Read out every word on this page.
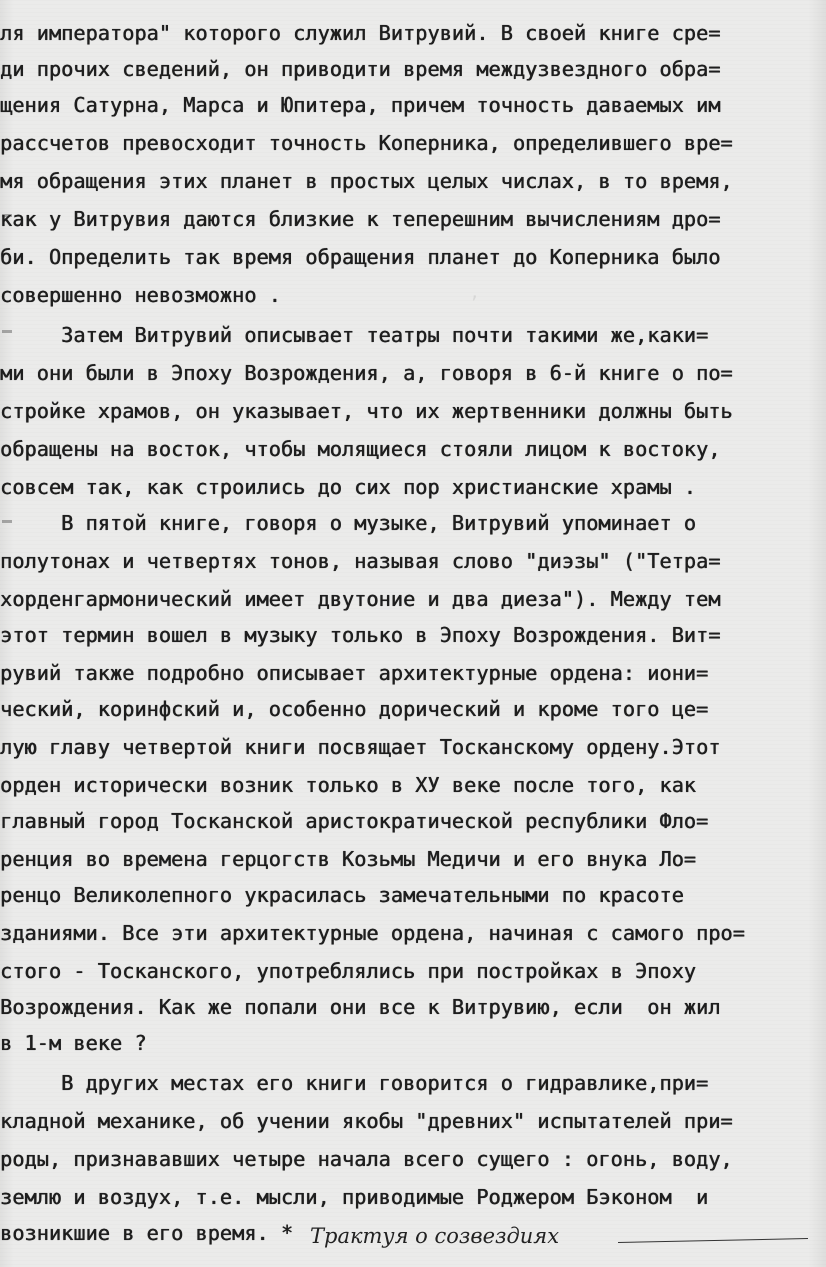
,
ля императора" которого служил Витрувий. В своей книге сре=
ди прочих сведений, он приводити время междузвездного обра=
щения Сатурна, Марса и Юпитера, причем точность даваемых им
рассчетов превосходит точность Коперника, определившего вре=
мя обращения этих планет в простых целых числах, в то время,
как у Витрувия даются близкие к теперешним вычислениям дро=
би. Определить так время обращения планет до Коперника было
совершенно невозможно .
Затем Витрувий описывает театры почти такими же,каки=
ми они были в Эпоху Возрождения, а, говоря в 6-й книге о по=
стройке храмов, он указывает, что их жертвенники должны быть
обращены на восток, чтобы молящиеся стояли лицом к востоку,
совсем так, как строились до сих пор христианские храмы .
В пятой книге, говоря о музыке, Витрувий упоминает о
полутонах и четвертях тонов, называя слово "диэзы" ("Тетра=
хорденгармонический имеет двутоние и два диеза"). Между тем
этот термин вошел в музыку только в Эпоху Возрождения. Вит=
рувий также подробно описывает архитектурные ордена: иони=
ческий, коринфский и, особенно дорический и кроме того це=
лую главу четвертой книги посвящает Тосканскому ордену.Этот
орден исторически возник только в ХУ веке после того, как
главный город Тосканской аристократической республики Фло=
ренция во времена герцогств Козьмы Медичи и его внука Ло=
ренцо Великолепного украсилась замечательными по красоте
зданиями. Все эти архитектурные ордена, начиная с самого про=
стого - Тосканского, употреблялись при постройках в Эпоху
Возрождения. Как же попали они все к Витрувию, если  он жил
в 1-м веке ?
В других местах его книги говорится о гидравлике,при=
кладной механике, об учении якобы "древних" испытателей при=
роды, признававших четыре начала всего сущего : огонь, воду,
землю и воздух, т.е. мысли, приводимые Роджером Бэконом  и
возникшие в его время. * Трактуя о созвездиях
